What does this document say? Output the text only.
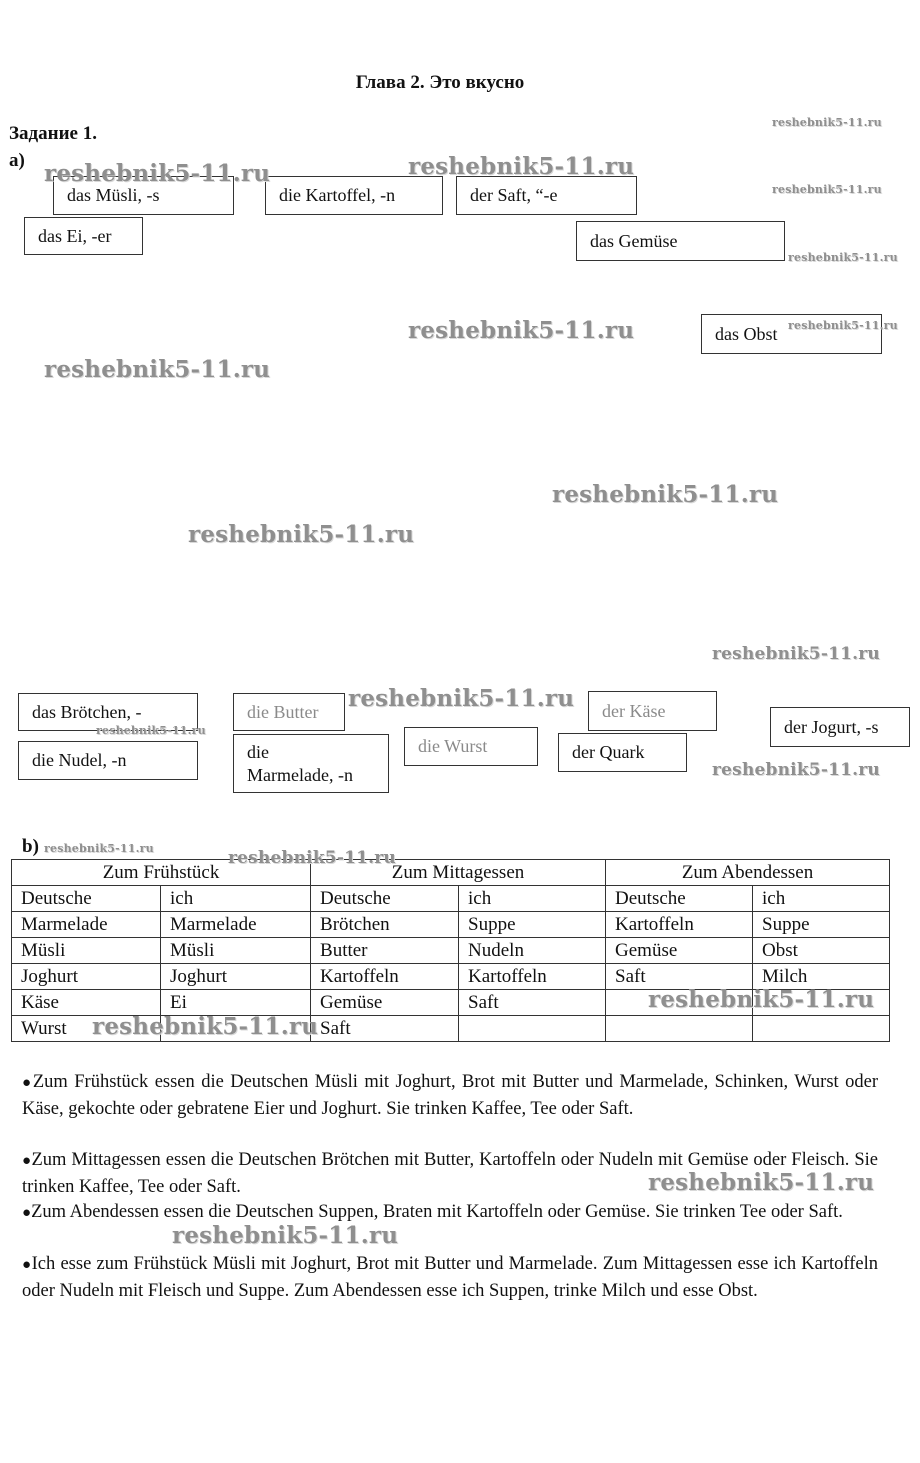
Глава 2. Это вкусно
Задание 1.
а)
das Müsli, -s	die Kartoffel, -n	der Saft, “-e
das Ei, -er	das Gemüse
das Obst
das Brötchen, -	die Butter	der Käse
der Jogurt, -s
die Nudel, -n	die
Marmelade, -n
die Wurst	der Quark
b)
Zum Frühstück		Zum Mittagessen		Zum Abendessen	
Deutsche	ich	Deutsche	ich	Deutsche	ich
Marmelade	Marmelade	Brötchen	Suppe	Kartoffeln	Suppe
Müsli	Müsli	Butter	Nudeln	Gemüse	Obst
Joghurt	Joghurt	Kartoffeln	Kartoffeln	Saft	Milch
Käse	Ei	Gemüse	Saft		
Wurst		Saft			

●Zum Frühstück essen die Deutschen Müsli mit Joghurt, Brot mit Butter und Marmelade, Schinken, Wurst oder Käse, gekochte oder gebratene Eier und Joghurt. Sie trinken Kaffee, Tee oder Saft.

●Zum Mittagessen essen die Deutschen Brötchen mit Butter, Kartoffeln oder Nudeln mit Gemüse oder Fleisch. Sie trinken Kaffee, Tee oder Saft.

●Zum Abendessen essen die Deutschen Suppen, Braten mit Kartoffeln oder Gemüse. Sie trinken Tee oder Saft.

●Ich esse zum Frühstück Müsli mit Joghurt, Brot mit Butter und Marmelade. Zum Mittagessen esse ich Kartoffeln oder Nudeln mit Fleisch und Suppe. Zum Abendessen esse ich Suppen, trinke Milch und esse Obst.

reshebnik5-11.ru	reshebnik5-11.ru
reshebnik5-11.ru
reshebnik5-11.ru
reshebnik5-11.ru
reshebnik5-11.ru
reshebnik5-11.ru
reshebnik5-11.ru
reshebnik5-11.ru
reshebnik5-11.ru
reshebnik5-11.ru
reshebnik5-11.ru
reshebnik5-11.ru
reshebnik5-11.ru
reshebnik5-11.ru	reshebnik5-11.ru
reshebnik5-11.ru
reshebnik5-11.ru
reshebnik5-11.ru
reshebnik5-11.ru
